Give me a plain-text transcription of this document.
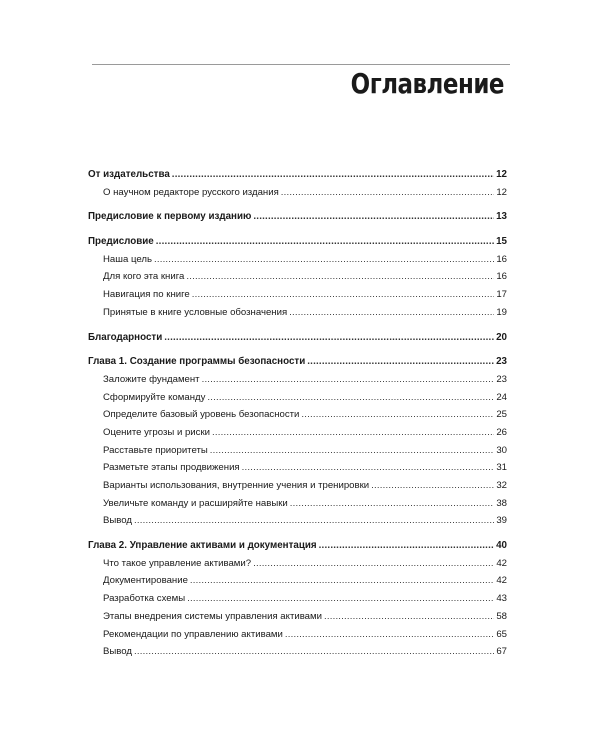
Оглавление
От издательства .....	12
О научном редакторе русского издания .....	12
Предисловие к первому изданию .....	13
Предисловие .....	15
Наша цель .....	16
Для кого эта книга .....	16
Навигация по книге .....	17
Принятые в книге условные обозначения .....	19
Благодарности .....	20
Глава 1. Создание программы безопасности .....	23
Заложите фундамент .....	23
Сформируйте команду .....	24
Определите базовый уровень безопасности .....	25
Оцените угрозы и риски .....	26
Расставьте приоритеты .....	30
Разметьте этапы продвижения .....	31
Варианты использования, внутренние учения и тренировки .....	32
Увеличьте команду и расширяйте навыки .....	38
Вывод .....	39
Глава 2. Управление активами и документация .....	40
Что такое управление активами? .....	42
Документирование .....	42
Разработка схемы .....	43
Этапы внедрения системы управления активами .....	58
Рекомендации по управлению активами .....	65
Вывод .....	67
